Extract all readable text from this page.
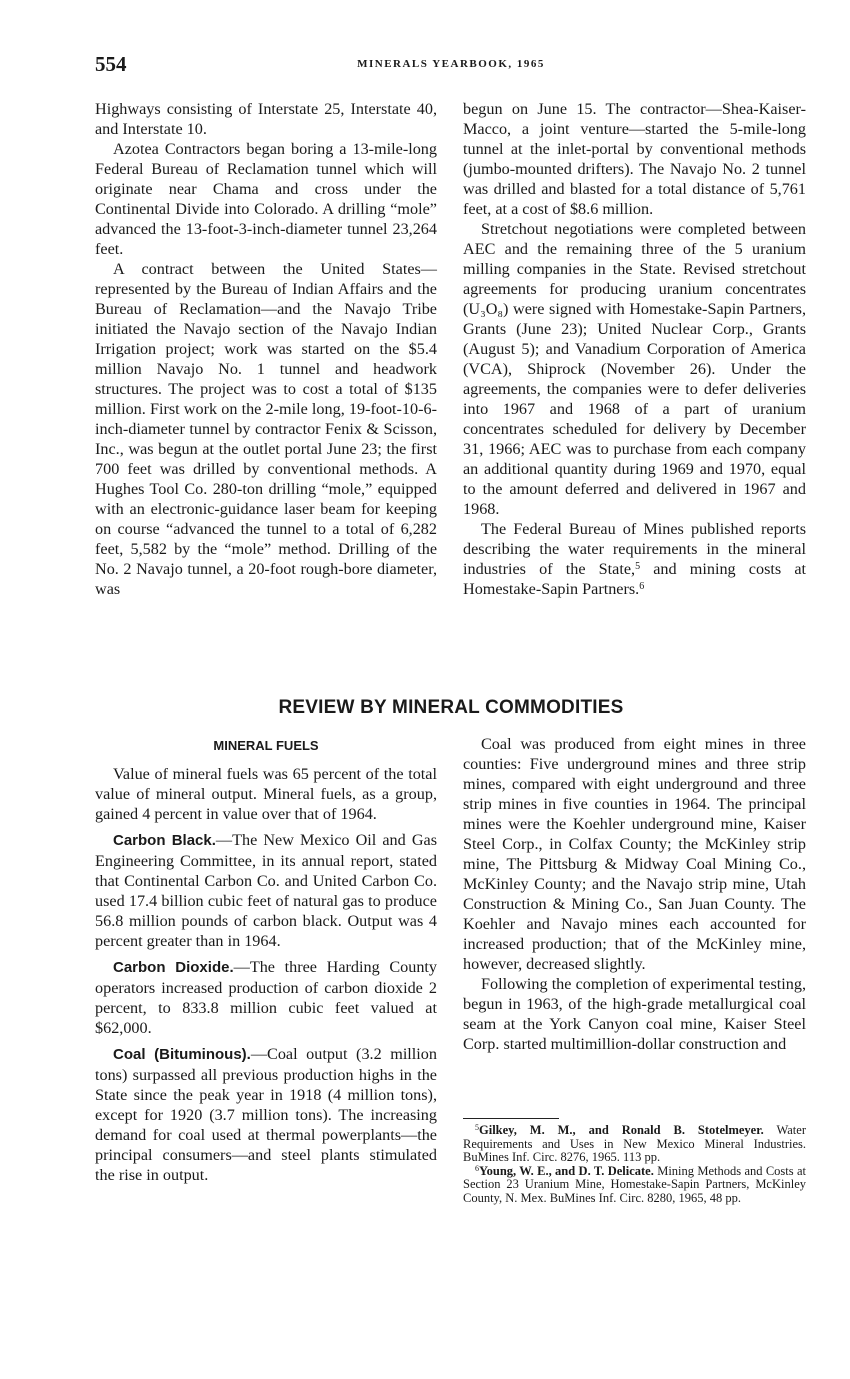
554	MINERALS YEARBOOK, 1965

Highways consisting of Interstate 25, Interstate 40, and Interstate 10.

Azotea Contractors began boring a 13-mile-long Federal Bureau of Reclamation tunnel which will originate near Chama and cross under the Continental Divide into Colorado. A drilling “mole” advanced the 13-foot-3-inch-diameter tunnel 23,264 feet.

A contract between the United States—represented by the Bureau of Indian Affairs and the Bureau of Reclamation—and the Navajo Tribe initiated the Navajo section of the Navajo Indian Irrigation project; work was started on the $5.4 million Navajo No. 1 tunnel and headwork structures. The project was to cost a total of $135 million. First work on the 2-mile long, 19-foot-10-6-inch-diameter tunnel by contractor Fenix & Scisson, Inc., was begun at the outlet portal June 23; the first 700 feet was drilled by conventional methods. A Hughes Tool Co. 280-ton drilling “mole,” equipped with an electronic-guidance laser beam for keeping on course “advanced the tunnel to a total of 6,282 feet, 5,582 by the “mole” method. Drilling of the No. 2 Navajo tunnel, a 20-foot rough-bore diameter, was

begun on June 15. The contractor—Shea-Kaiser-Macco, a joint venture—started the 5-mile-long tunnel at the inlet-portal by conventional methods (jumbo-mounted drifters). The Navajo No. 2 tunnel was drilled and blasted for a total distance of 5,761 feet, at a cost of $8.6 million.

Stretchout negotiations were completed between AEC and the remaining three of the 5 uranium milling companies in the State. Revised stretchout agreements for producing uranium concentrates (U₃O₈) were signed with Homestake-Sapin Partners, Grants (June 23); United Nuclear Corp., Grants (August 5); and Vanadium Corporation of America (VCA), Shiprock (November 26). Under the agreements, the companies were to defer deliveries into 1967 and 1968 of a part of uranium concentrates scheduled for delivery by December 31, 1966; AEC was to purchase from each company an additional quantity during 1969 and 1970, equal to the amount deferred and delivered in 1967 and 1968.

The Federal Bureau of Mines published reports describing the water requirements in the mineral industries of the State,$^5$ and mining costs at Homestake-Sapin Partners.$^6$

REVIEW BY MINERAL COMMODITIES
MINERAL FUELS

Value of mineral fuels was 65 percent of the total value of mineral output. Mineral fuels, as a group, gained 4 percent in value over that of 1964.

Carbon Black.—The New Mexico Oil and Gas Engineering Committee, in its annual report, stated that Continental Carbon Co. and United Carbon Co. used 17.4 billion cubic feet of natural gas to produce 56.8 million pounds of carbon black. Output was 4 percent greater than in 1964.

Carbon Dioxide.—The three Harding County operators increased production of carbon dioxide 2 percent, to 833.8 million cubic feet valued at $62,000.

Coal (Bituminous).—Coal output (3.2 million tons) surpassed all previous production highs in the State since the peak year in 1918 (4 million tons), except for 1920 (3.7 million tons). The increasing demand for coal used at thermal powerplants—the principal consumers—and steel plants stimulated the rise in output.

Coal was produced from eight mines in three counties: Five underground mines and three strip mines, compared with eight underground and three strip mines in five counties in 1964. The principal mines were the Koehler underground mine, Kaiser Steel Corp., in Colfax County; the McKinley strip mine, The Pittsburg & Midway Coal Mining Co., McKinley County; and the Navajo strip mine, Utah Construction & Mining Co., San Juan County. The Koehler and Navajo mines each accounted for increased production; that of the McKinley mine, however, decreased slightly.

Following the completion of experimental testing, begun in 1963, of the high-grade metallurgical coal seam at the York Canyon coal mine, Kaiser Steel Corp. started multimillion-dollar construction and

$^5$Gilkey, M. M., and Ronald B. Stotelmeyer. Water Requirements and Uses in New Mexico Mineral Industries. BuMines Inf. Circ. 8276, 1965. 113 pp.

$^6$Young, W. E., and D. T. Delicate. Mining Methods and Costs at Section 23 Uranium Mine, Homestake-Sapin Partners, McKinley County, N. Mex. BuMines Inf. Circ. 8280, 1965, 48 pp.
